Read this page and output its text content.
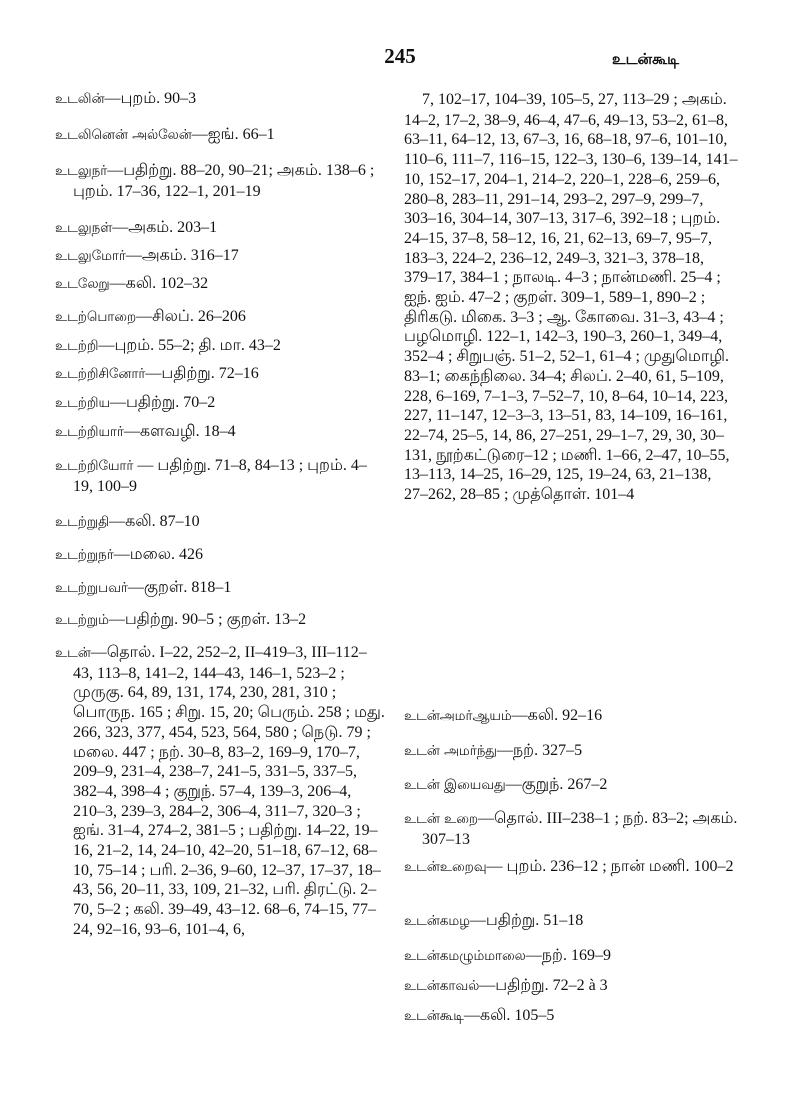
245	உடன்கூடி
உடலின்—புறம். 90–3
உடலினென் அல்லேன்—ஐங். 66–1
உடலுநர்—பதிற்று. 88–20, 90–21; அகம். 138–6 ; புறம். 17–36, 122–1, 201–19
உடலுநள்—அகம். 203–1
உடலுமோர்—அகம். 316–17
உடலேறு—கலி. 102–32
உடற்பொறை—சிலப். 26–206
உடற்றி—புறம். 55–2; தி. மா. 43–2
உடற்றிசினோர்—பதிற்று. 72–16
உடற்றிய—பதிற்று. 70–2
உடற்றியார்—களவழி. 18–4
உடற்றியோர் — பதிற்று. 71–8, 84–13 ; புறம். 4–19, 100–9
உடற்றுதி—கலி. 87–10
உடற்றுநர்—மலை. 426
உடற்றுபவர்—குறள். 818–1
உடற்றும்—பதிற்று. 90–5 ; குறள். 13–2
உடன்—தொல். I–22, 252–2, II–419–3, III–112–43, 113–8, 141–2, 144–43, 146–1, 523–2 ; முருகு. 64, 89, 131, 174, 230, 281, 310 ; பொருந. 165 ; சிறு. 15, 20; பெரும். 258 ; மது. 266, 323, 377, 454, 523, 564, 580 ; நெடு. 79 ; மலை. 447 ; நற். 30–8, 83–2, 169–9, 170–7, 209–9, 231–4, 238–7, 241–5, 331–5, 337–5, 382–4, 398–4 ; குறுந். 57–4, 139–3, 206–4, 210–3, 239–3, 284–2, 306–4, 311–7, 320–3 ; ஐங். 31–4, 274–2, 381–5 ; பதிற்று. 14–22, 19–16, 21–2, 14, 24–10, 42–20, 51–18, 67–12, 68–10, 75–14 ; பரி. 2–36, 9–60, 12–37, 17–37, 18–43, 56, 20–11, 33, 109, 21–32, பரி. திரட்டு. 2–70, 5–2 ; கலி. 39–49, 43–12. 68–6, 74–15, 77–24, 92–16, 93–6, 101–4, 6,
7, 102–17, 104–39, 105–5, 27, 113–29 ; அகம். 14–2, 17–2, 38–9, 46–4, 47–6, 49–13, 53–2, 61–8, 63–11, 64–12, 13, 67–3, 16, 68–18, 97–6, 101–10, 110–6, 111–7, 116–15, 122–3, 130–6, 139–14, 141–10, 152–17, 204–1, 214–2, 220–1, 228–6, 259–6, 280–8, 283–11, 291–14, 293–2, 297–9, 299–7, 303–16, 304–14, 307–13, 317–6, 392–18 ; புறம். 24–15, 37–8, 58–12, 16, 21, 62–13, 69–7, 95–7, 183–3, 224–2, 236–12, 249–3, 321–3, 378–18, 379–17, 384–1 ; நாலடி. 4–3 ; நான்மணி. 25–4 ; ஐந். ஐம். 47–2 ; குறள். 309–1, 589–1, 890–2 ; திரிகடு. மிகை. 3–3 ; ஆ. கோவை. 31–3, 43–4 ; பழமொழி. 122–1, 142–3, 190–3, 260–1, 349–4, 352–4 ; சிறுபஞ். 51–2, 52–1, 61–4 ; முதுமொழி. 83–1; கைந்நிலை. 34–4; சிலப். 2–40, 61, 5–109, 228, 6–169, 7–1–3, 7–52–7, 10, 8–64, 10–14, 223, 227, 11–147, 12–3–3, 13–51, 83, 14–109, 16–161, 22–74, 25–5, 14, 86, 27–251, 29–1–7, 29, 30, 30–131, நூற்கட்டுரை–12 ; மணி. 1–66, 2–47, 10–55, 13–113, 14–25, 16–29, 125, 19–24, 63, 21–138, 27–262, 28–85 ; முத்தொள். 101–4
உடன்அமர்ஆயம்—கலி. 92–16
உடன் அமர்ந்து—நற். 327–5
உடன் இயைவது—குறுந். 267–2
உடன் உறை—தொல். III–238–1 ; நற். 83–2; அகம். 307–13
உடன்உறைவு— புறம். 236–12 ; நான் மணி. 100–2
உடன்கமழ—பதிற்று. 51–18
உடன்கமழும்மாலை—நற். 169–9
உடன்காவல்—பதிற்று. 72–2 à 3
உடன்கூடி—கலி. 105–5
